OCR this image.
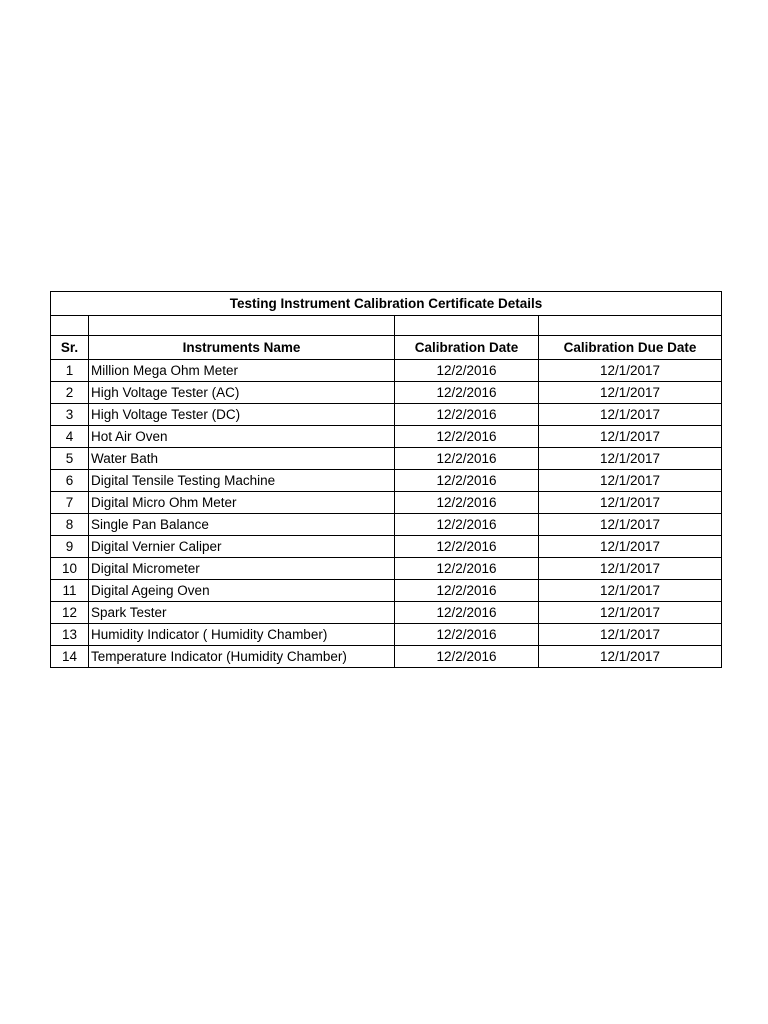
Testing Instrument Calibration Certificate Details			

Sr.	Instruments Name	Calibration Date	Calibration Due Date
1	Million Mega Ohm Meter	12/2/2016	12/1/2017
2	High Voltage Tester (AC)	12/2/2016	12/1/2017
3	High Voltage Tester (DC)	12/2/2016	12/1/2017
4	Hot Air Oven	12/2/2016	12/1/2017
5	Water Bath	12/2/2016	12/1/2017
6	Digital Tensile Testing Machine	12/2/2016	12/1/2017
7	Digital Micro Ohm Meter	12/2/2016	12/1/2017
8	Single Pan Balance	12/2/2016	12/1/2017
9	Digital Vernier Caliper	12/2/2016	12/1/2017
10	Digital Micrometer	12/2/2016	12/1/2017
11	Digital Ageing Oven	12/2/2016	12/1/2017
12	Spark Tester	12/2/2016	12/1/2017
13	Humidity Indicator ( Humidity Chamber)	12/2/2016	12/1/2017
14	Temperature Indicator (Humidity Chamber)	12/2/2016	12/1/2017
